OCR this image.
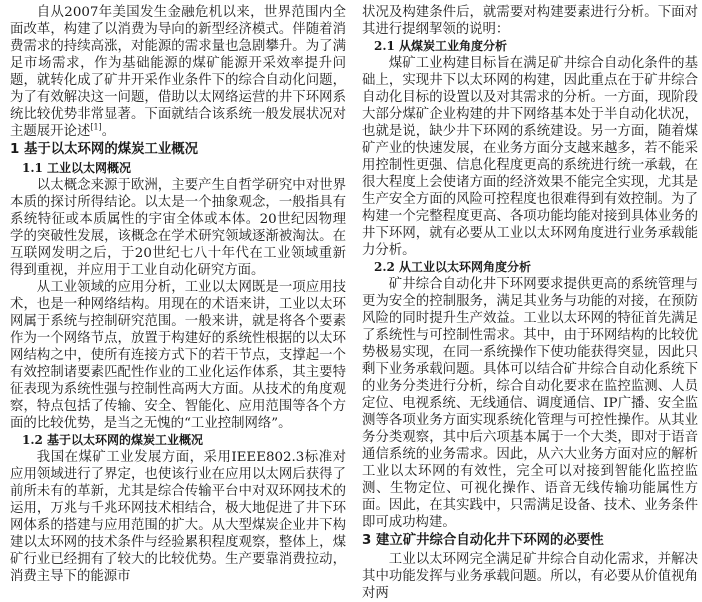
自从2007年美国发生金融危机以来，世界范围内全面改革，构建了以消费为导向的新型经济模式。伴随着消费需求的持续高涨，对能源的需求量也急剧攀升。为了满足市场需求，作为基础能源的煤矿能源开采效率提升问题，就转化成了矿井开采作业条件下的综合自动化问题，为了有效解决这一问题，借助以太网络运营的井下环网系统比较优势非常显著。下面就结合该系统一般发展状况对主题展开论述[1]。

1 基于以太环网的煤炭工业概况
1.1 工业以太网概况

以太概念来源于欧洲，主要产生自哲学研究中对世界本质的探讨所得结论。以太是一个抽象观念，一般指具有系统特征或本质属性的宇宙全体或本体。20世纪因物理学的突破性发展，该概念在学术研究领域逐渐被淘汰。在互联网发明之后，于20世纪七八十年代在工业领域重新得到重视，并应用于工业自动化研究方面。

从工业领域的应用分析，工业以太网既是一项应用技术，也是一种网络结构。用现在的术语来讲，工业以太环网属于系统与控制研究范围。一般来讲，就是将各个要素作为一个网络节点，放置于构建好的系统性根据的以太环网结构之中，使所有连接方式下的若干节点，支撑起一个有效控制诸要素匹配性作业的工业化运作体系，其主要特征表现为系统性强与控制性高两大方面。从技术的角度观察，特点包括了传输、安全、智能化、应用范围等各个方面的比较优势，是当之无愧的“工业控制网络”。

1.2 基于以太环网的煤炭工业概况

我国在煤矿工业发展方面，采用IEEE802.3标准对应用领域进行了界定，也使该行业在应用以太网后获得了前所未有的革新，尤其是综合传输平台中对双环网技术的运用，万兆与千兆环网技术相结合，极大地促进了井下环网体系的搭建与应用范围的扩大。从大型煤炭企业井下构建以太环网的技术条件与经验累积程度观察，整体上，煤矿行业已经拥有了较大的比较优势。生产要靠消费拉动，消费主导下的能源市

状况及构建条件后，就需要对构建要素进行分析。下面对其进行提纲挈领的说明：

2.1 从煤炭工业角度分析

煤矿工业构建目标旨在满足矿井综合自动化条件的基础上，实现井下以太环网的构建，因此重点在于矿井综合自动化目标的设置以及对其需求的分析。一方面，现阶段大部分煤矿企业构建的井下网络基本处于半自动化状况，也就是说，缺少井下环网的系统建设。另一方面，随着煤矿产业的快速发展，在业务方面分支越来越多，若不能采用控制性更强、信息化程度更高的系统进行统一承载，在很大程度上会使诸方面的经济效果不能完全实现，尤其是生产安全方面的风险可控程度也很难得到有效控制。为了构建一个完整程度更高、各项功能均能对接到具体业务的井下环网，就有必要从工业以太环网角度进行业务承载能力分析。

2.2 从工业以太环网角度分析

矿井综合自动化井下环网要求提供更高的系统管理与更为安全的控制服务，满足其业务与功能的对接，在预防风险的同时提升生产效益。工业以太环网的特征首先满足了系统性与可控制性需求。其中，由于环网结构的比较优势极易实现，在同一系统操作下使功能获得突显，因此只剩下业务承载问题。具体可以结合矿井综合自动化系统下的业务分类进行分析，综合自动化要求在监控监测、人员定位、电视系统、无线通信、调度通信、IP广播、安全监测等各项业务方面实现系统化管理与可控性操作。从其业务分类观察，其中后六项基本属于一个大类，即对于语音通信系统的业务需求。因此，从六大业务方面对应的解析工业以太环网的有效性，完全可以对接到智能化监控监测、生物定位、可视化操作、语音无线传输功能属性方面。因此，在其实践中，只需满足设备、技术、业务条件即可成功构建。

3 建立矿井综合自动化井下环网的必要性

工业以太环网完全满足矿井综合自动化需求，并解决其中功能发挥与业务承载问题。所以，有必要从价值视角对两
